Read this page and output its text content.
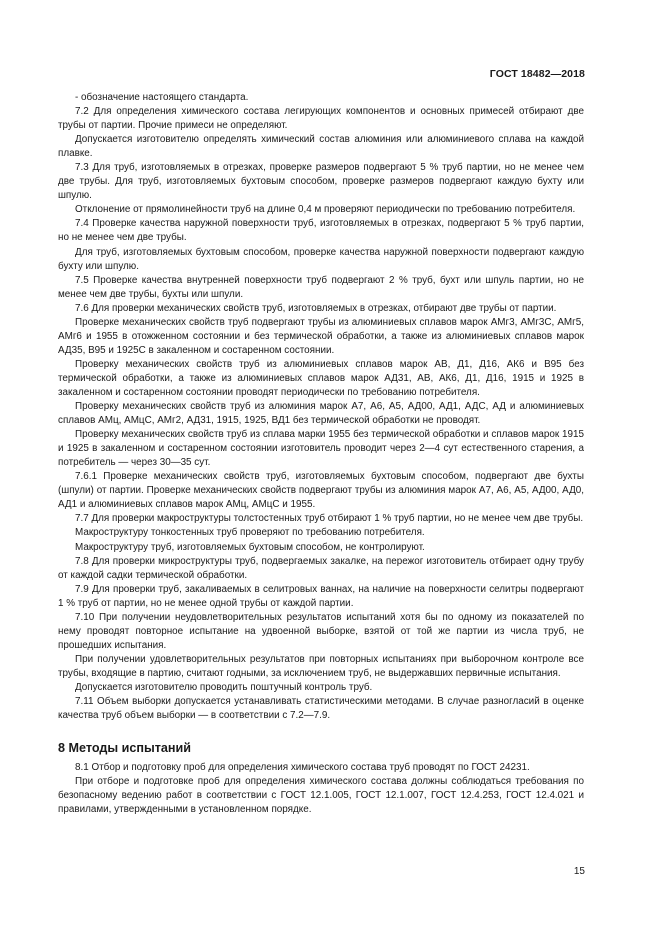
ГОСТ 18482—2018

- обозначение настоящего стандарта.

7.2 Для определения химического состава легирующих компонентов и основных примесей отбирают две трубы от партии. Прочие примеси не определяют.

Допускается изготовителю определять химический состав алюминия или алюминиевого сплава на каждой плавке.

7.3 Для труб, изготовляемых в отрезках, проверке размеров подвергают 5 % труб партии, но не менее чем две трубы. Для труб, изготовляемых бухтовым способом, проверке размеров подвергают каждую бухту или шпулю.

Отклонение от прямолинейности труб на длине 0,4 м проверяют периодически по требованию потребителя.

7.4 Проверке качества наружной поверхности труб, изготовляемых в отрезках, подвергают 5 % труб партии, но не менее чем две трубы.

Для труб, изготовляемых бухтовым способом, проверке качества наружной поверхности подвергают каждую бухту или шпулю.

7.5 Проверке качества внутренней поверхности труб подвергают 2 % труб, бухт или шпуль партии, но не менее чем две трубы, бухты или шпули.

7.6 Для проверки механических свойств труб, изготовляемых в отрезках, отбирают две трубы от партии.

Проверке механических свойств труб подвергают трубы из алюминиевых сплавов марок АМг3, АМг3С, АМг5, АМг6 и 1955 в отожженном состоянии и без термической обработки, а также из алюминиевых сплавов марок АД35, В95 и 1925С в закаленном и состаренном состоянии.

Проверку механических свойств труб из алюминиевых сплавов марок АВ, Д1, Д16, АК6 и В95 без термической обработки, а также из алюминиевых сплавов марок АД31, АВ, АК6, Д1, Д16, 1915 и 1925 в закаленном и состаренном состоянии проводят периодически по требованию потребителя.

Проверку механических свойств труб из алюминия марок А7, А6, А5, АД00, АД1, АДС, АД и алюминиевых сплавов АМц, АМцС, АМг2, АД31, 1915, 1925, ВД1 без термической обработки не проводят.

Проверку механических свойств труб из сплава марки 1955 без термической обработки и сплавов марок 1915 и 1925 в закаленном и состаренном состоянии изготовитель проводит через 2—4 сут естественного старения, а потребитель — через 30—35 сут.

7.6.1 Проверке механических свойств труб, изготовляемых бухтовым способом, подвергают две бухты (шпули) от партии. Проверке механических свойств подвергают трубы из алюминия марок А7, А6, А5, АД00, АД0, АД1 и алюминиевых сплавов марок АМц, АМцС и 1955.

7.7 Для проверки макроструктуры толстостенных труб отбирают 1 % труб партии, но не менее чем две трубы.

Макроструктуру тонкостенных труб проверяют по требованию потребителя.

Макроструктуру труб, изготовляемых бухтовым способом, не контролируют.

7.8 Для проверки микроструктуры труб, подвергаемых закалке, на пережог изготовитель отбирает одну трубу от каждой садки термической обработки.

7.9 Для проверки труб, закаливаемых в селитровых ваннах, на наличие на поверхности селитры подвергают 1 % труб от партии, но не менее одной трубы от каждой партии.

7.10 При получении неудовлетворительных результатов испытаний хотя бы по одному из показателей по нему проводят повторное испытание на удвоенной выборке, взятой от той же партии из числа труб, не прошедших испытания.

При получении удовлетворительных результатов при повторных испытаниях при выборочном контроле все трубы, входящие в партию, считают годными, за исключением труб, не выдержавших первичные испытания.

Допускается изготовителю проводить поштучный контроль труб.

7.11 Объем выборки допускается устанавливать статистическими методами. В случае разногласий в оценке качества труб объем выборки — в соответствии с 7.2—7.9.

8 Методы испытаний

8.1 Отбор и подготовку проб для определения химического состава труб проводят по ГОСТ 24231.

При отборе и подготовке проб для определения химического состава должны соблюдаться требования по безопасному ведению работ в соответствии с ГОСТ 12.1.005, ГОСТ 12.1.007, ГОСТ 12.4.253, ГОСТ 12.4.021 и правилами, утвержденными в установленном порядке.

15
